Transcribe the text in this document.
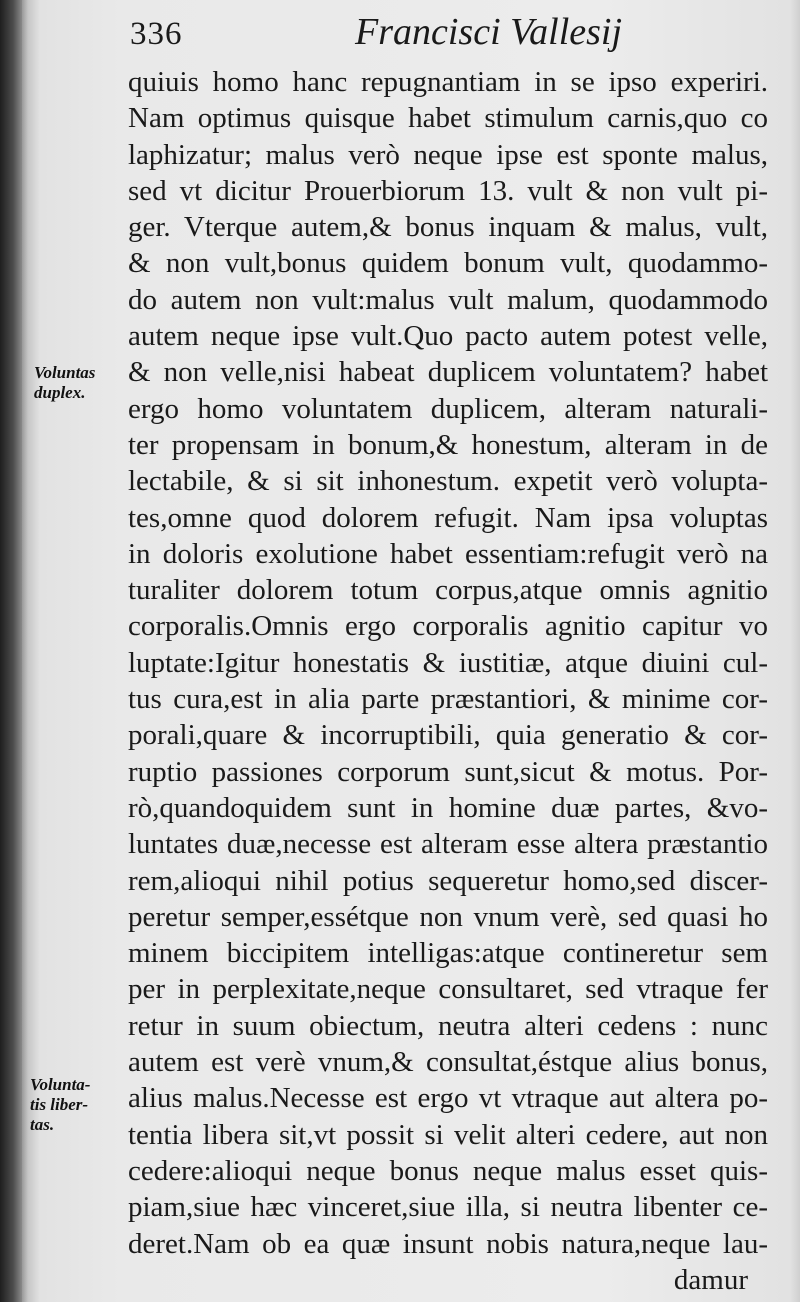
336	Francisci Vallesij
Voluntas
duplex.
Volunta-
tis liber-
tas.
quiuis homo hanc repugnantiam in se ipso experiri.
Nam optimus quisque habet stimulum carnis,quo co
laphizatur; malus verò neque ipse est sponte malus,
sed vt dicitur Prouerbiorum 13. vult & non vult pi-
ger. Vterque autem,& bonus inquam & malus, vult,
& non vult,bonus quidem bonum vult, quodammo-
do autem non vult:malus vult malum, quodammodo
autem neque ipse vult.Quo pacto autem potest velle,
& non velle,nisi habeat duplicem voluntatem? habet
ergo homo voluntatem duplicem, alteram naturali-
ter propensam in bonum,& honestum, alteram in de
lectabile, & si sit inhonestum. expetit verò volupta-
tes,omne quod dolorem refugit. Nam ipsa voluptas
in doloris exolutione habet essentiam:refugit verò na
turaliter dolorem totum corpus,atque omnis agnitio
corporalis.Omnis ergo corporalis agnitio capitur vo
luptate:Igitur honestatis & iustitiæ, atque diuini cul-
tus cura,est in alia parte præstantiori, & minime cor-
porali,quare & incorruptibili, quia generatio & cor-
ruptio passiones corporum sunt,sicut & motus. Por-
rò,quandoquidem sunt in homine duæ partes, &vo-
luntates duæ,necesse est alteram esse altera præstantio
rem,alioqui nihil potius sequeretur homo,sed discer-
peretur semper,essétque non vnum verè, sed quasi ho
minem biccipitem intelligas:atque contineretur sem
per in perplexitate,neque consultaret, sed vtraque fer
retur in suum obiectum, neutra alteri cedens : nunc
autem est verè vnum,& consultat,éstque alius bonus,
alius malus.Necesse est ergo vt vtraque aut altera po-
tentia libera sit,vt possit si velit alteri cedere, aut non
cedere:alioqui neque bonus neque malus esset quis-
piam,siue hæc vinceret,siue illa, si neutra libenter ce-
deret.Nam ob ea quæ insunt nobis natura,neque lau-
damur
